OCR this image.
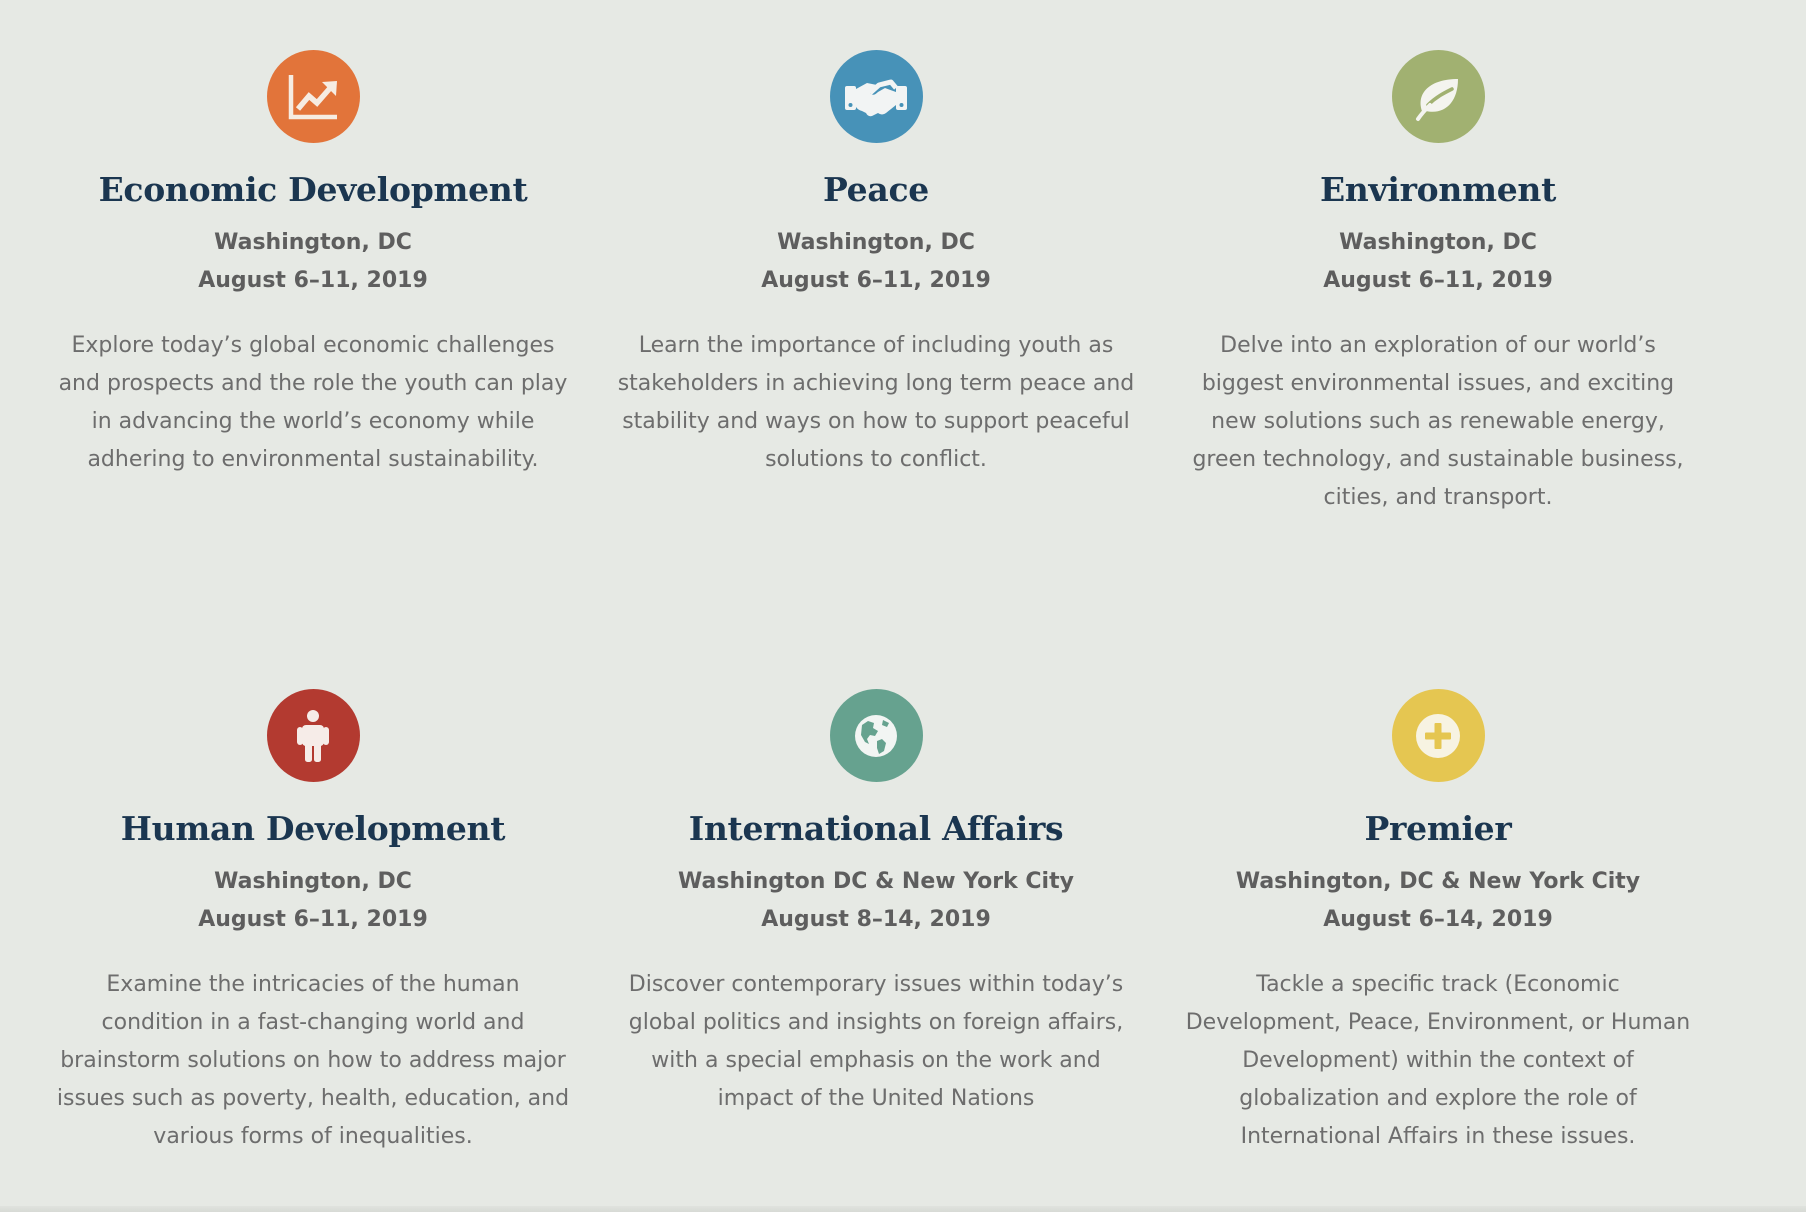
Economic Development
Washington, DC
August 6–11, 2019
Explore today’s global economic challenges and prospects and the role the youth can play in advancing the world’s economy while adhering to environmental sustainability.
Peace
Washington, DC
August 6–11, 2019
Learn the importance of including youth as stakeholders in achieving long term peace and stability and ways on how to support peaceful solutions to conflict.
Environment
Washington, DC
August 6–11, 2019
Delve into an exploration of our world’s biggest environmental issues, and exciting new solutions such as renewable energy, green technology, and sustainable business, cities, and transport.
Human Development
Washington, DC
August 6–11, 2019
Examine the intricacies of the human condition in a fast-changing world and brainstorm solutions on how to address major issues such as poverty, health, education, and various forms of inequalities.
International Affairs
Washington DC & New York City
August 8–14, 2019
Discover contemporary issues within today’s global politics and insights on foreign affairs, with a special emphasis on the work and impact of the United Nations
Premier
Washington, DC & New York City
August 6–14, 2019
Tackle a specific track (Economic Development, Peace, Environment, or Human Development) within the context of globalization and explore the role of International Affairs in these issues.
